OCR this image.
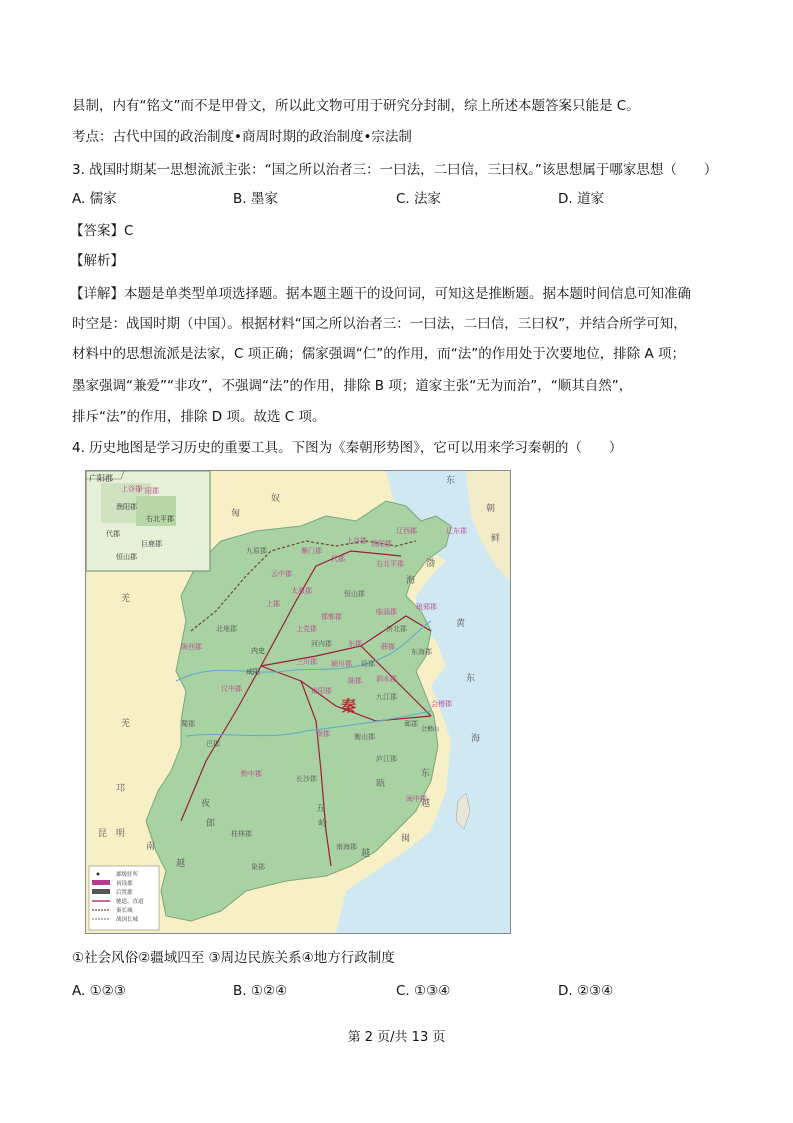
县制，内有“铭文”而不是甲骨文，所以此文物可用于研究分封制，综上所述本题答案只能是 C。
考点：古代中国的政治制度•商周时期的政治制度•宗法制
3. 战国时期某一思想流派主张：“国之所以治者三：一曰法，二曰信，三曰权。”该思想属于哪家思想（　　）
A. 儒家	B. 墨家	C. 法家	D. 道家
【答案】C
【解析】
【详解】本题是单类型单项选择题。据本题主题干的设问词，可知这是推断题。据本题时间信息可知准确
时空是：战国时期（中国）。根据材料“国之所以治者三：一曰法，二曰信，三曰权”，并结合所学可知，
材料中的思想流派是法家，C 项正确；儒家强调“仁”的作用，而“法”的作用处于次要地位，排除 A 项；
墨家强调“兼爱”“非攻”，不强调“法”的作用，排除 B 项；道家主张“无为而治”，“顺其自然”，
排斥“法”的作用，排除 D 项。故选 C 项。
4. 历史地图是学习历史的重要工具。下图为《秦朝形势图》，它可以用来学习秦朝的（　　）
广阳郡
上谷郡
广阳郡
渔阳郡
右北平郡
代郡
巨鹿郡
恒山郡
秦
辽西郡	辽东郡
九原郡	雁门郡
代郡
上谷郡 渔阳郡
右北平郡
云中郡
太原郡	恒山郡
上郡
邯郸郡
临淄郡
琅邪郡
北地郡	上党郡	济北郡
陇西郡	内史
河内郡 东郡	薛郡
三川郡 颍川郡 砀郡
泗水郡
东海郡
汉中郡	南阳郡
陈郡
九江郡
会稽郡
蜀郡
巴郡
南郡	衡山郡
鄣郡
黔中郡
长沙郡
庐江郡
闽中郡
桂林郡
南海郡
象郡
东
朝
鲜
渤
海
黄
东
海
匈
奴
羌
羌
邛
夜
郎
昆 明
南
越
越
东
越
闽
瓯
五
岭
咸阳
会稽山
郡级驻所
初设郡
后置郡
驰道、直道
秦长城
战国长城
①社会风俗②疆域四至 ③周边民族关系④地方行政制度
A. ①②③	B. ①②④	C. ①③④	D. ②③④
第 2 页/共 13 页
